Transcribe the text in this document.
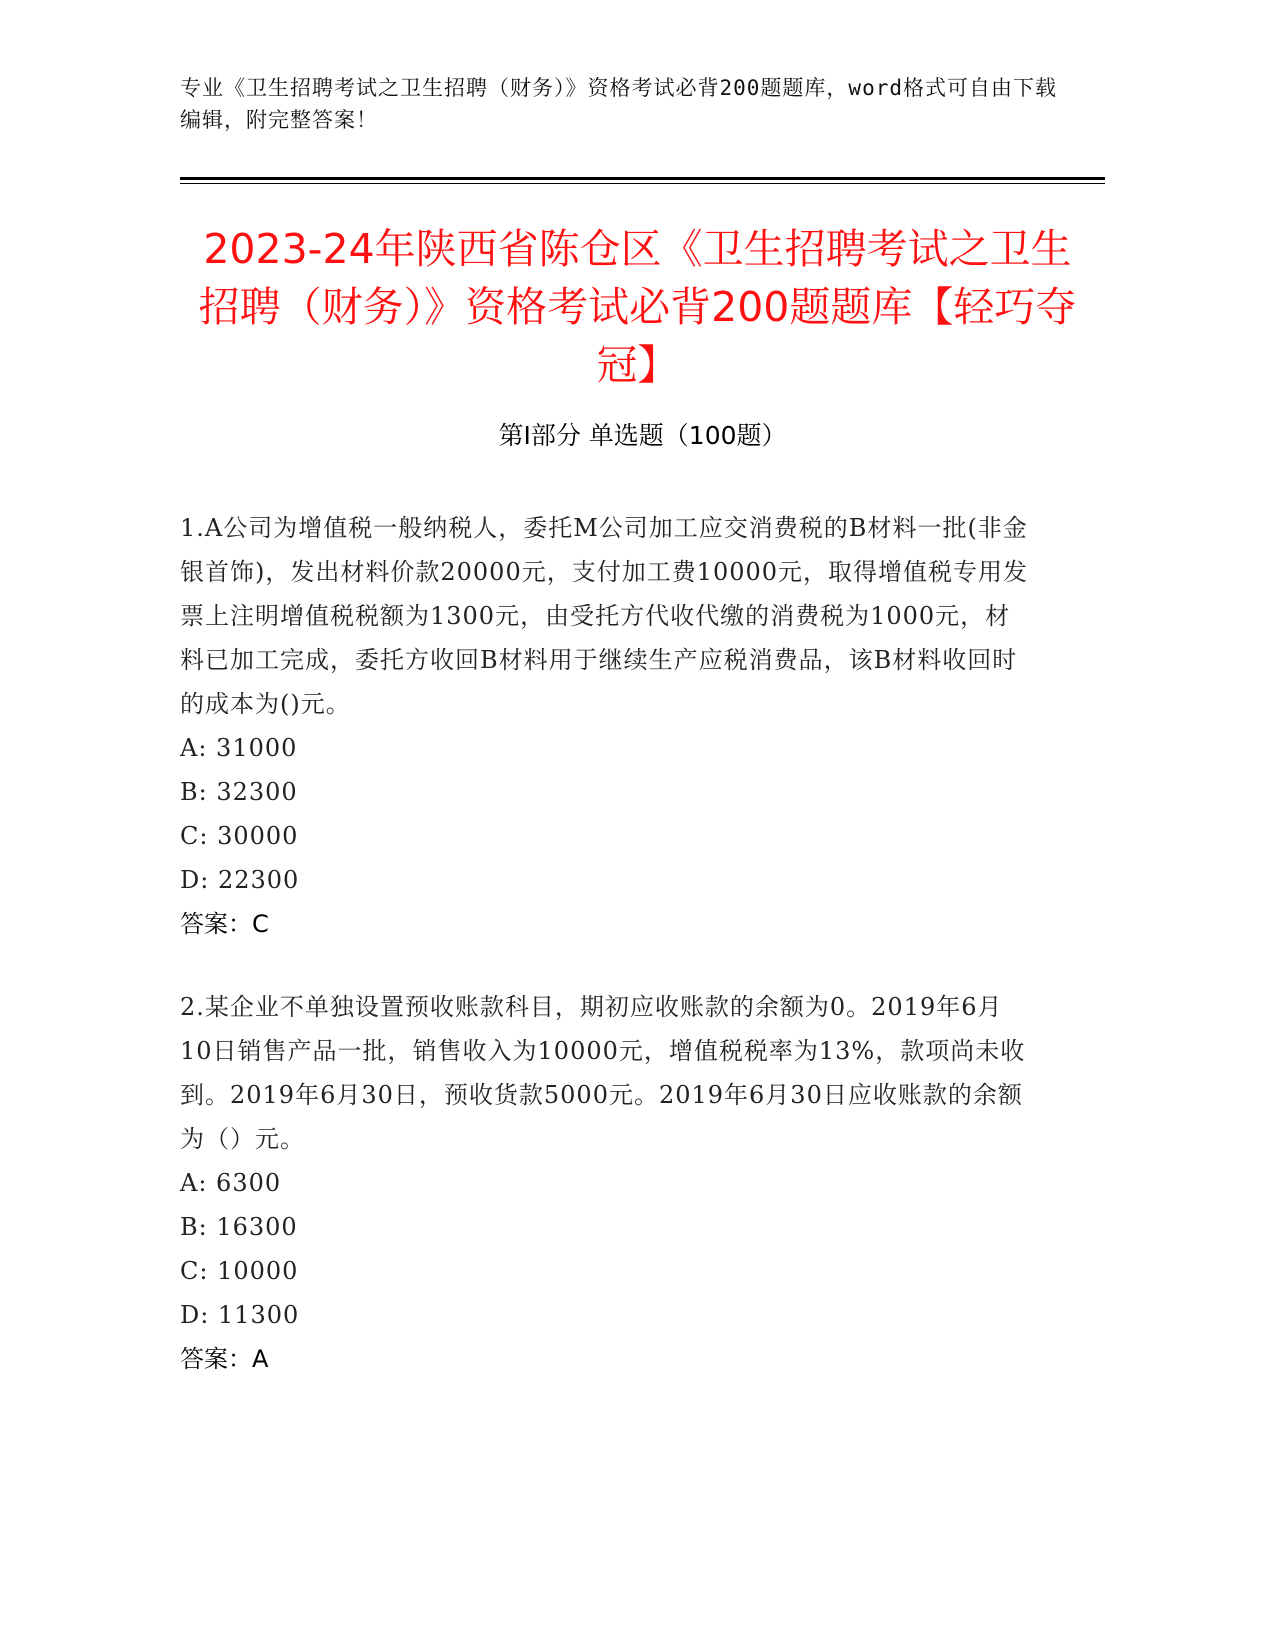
专业《卫生招聘考试之卫生招聘（财务）》资格考试必背200题题库，word格式可自由下载编辑，附完整答案！
2023-24年陕西省陈仓区《卫生招聘考试之卫生招聘（财务）》资格考试必背200题题库【轻巧夺冠】
第I部分 单选题（100题）

1.A公司为增值税一般纳税人，委托M公司加工应交消费税的B材料一批(非金银首饰)，发出材料价款20000元，支付加工费10000元，取得增值税专用发票上注明增值税税额为1300元，由受托方代收代缴的消费税为1000元，材料已加工完成，委托方收回B材料用于继续生产应税消费品，该B材料收回时的成本为()元。

A: 31000

B: 32300

C: 30000

D: 22300

答案：C

2.某企业不单独设置预收账款科目，期初应收账款的余额为0。2019年6月10日销售产品一批，销售收入为10000元，增值税税率为13%，款项尚未收到。2019年6月30日，预收货款5000元。2019年6月30日应收账款的余额为（）元。

A: 6300

B: 16300

C: 10000

D: 11300

答案：A
